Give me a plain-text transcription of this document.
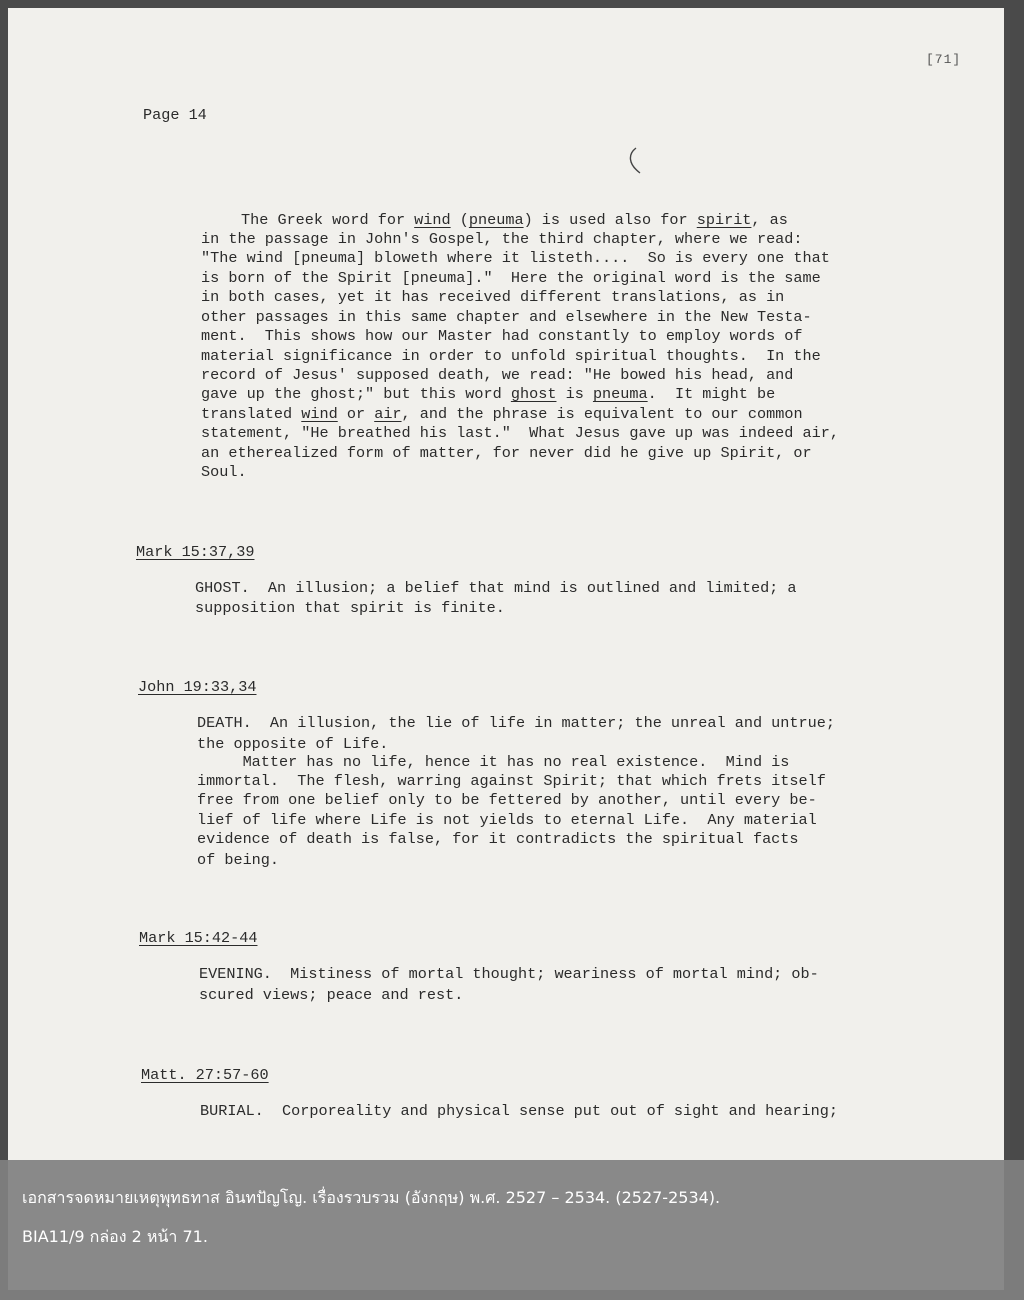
[71]
Page 14

The Greek word for wind (pneuma) is used also for spirit, as

in the passage in John's Gospel, the third chapter, where we read:

"The wind [pneuma] bloweth where it listeth....  So is every one that

is born of the Spirit [pneuma]."  Here the original word is the same

in both cases, yet it has received different translations, as in

other passages in this same chapter and elsewhere in the New Testa-

ment.  This shows how our Master had constantly to employ words of

material significance in order to unfold spiritual thoughts.  In the

record of Jesus' supposed death, we read: "He bowed his head, and

gave up the ghost;" but this word ghost is pneuma.  It might be

translated wind or air, and the phrase is equivalent to our common

statement, "He breathed his last."  What Jesus gave up was indeed air,

an etherealized form of matter, for never did he give up Spirit, or

Soul.

Mark 15:37,39

GHOST.  An illusion; a belief that mind is outlined and limited; a

supposition that spirit is finite.

John 19:33,34

DEATH.  An illusion, the lie of life in matter; the unreal and untrue;

the opposite of Life.

Matter has no life, hence it has no real existence.  Mind is

immortal.  The flesh, warring against Spirit; that which frets itself

free from one belief only to be fettered by another, until every be-

lief of life where Life is not yields to eternal Life.  Any material

evidence of death is false, for it contradicts the spiritual facts

of being.

Mark 15:42-44

EVENING.  Mistiness of mortal thought; weariness of mortal mind; ob-

scured views; peace and rest.

Matt. 27:57-60

BURIAL.  Corporeality and physical sense put out of sight and hearing;

เอกสารจดหมายเหตุพุทธทาส อินทปัญโญ. เรื่องรวบรวม (อังกฤษ) พ.ศ. 2527 – 2534. (2527-2534).
BIA11/9 กล่อง 2 หน้า 71.
